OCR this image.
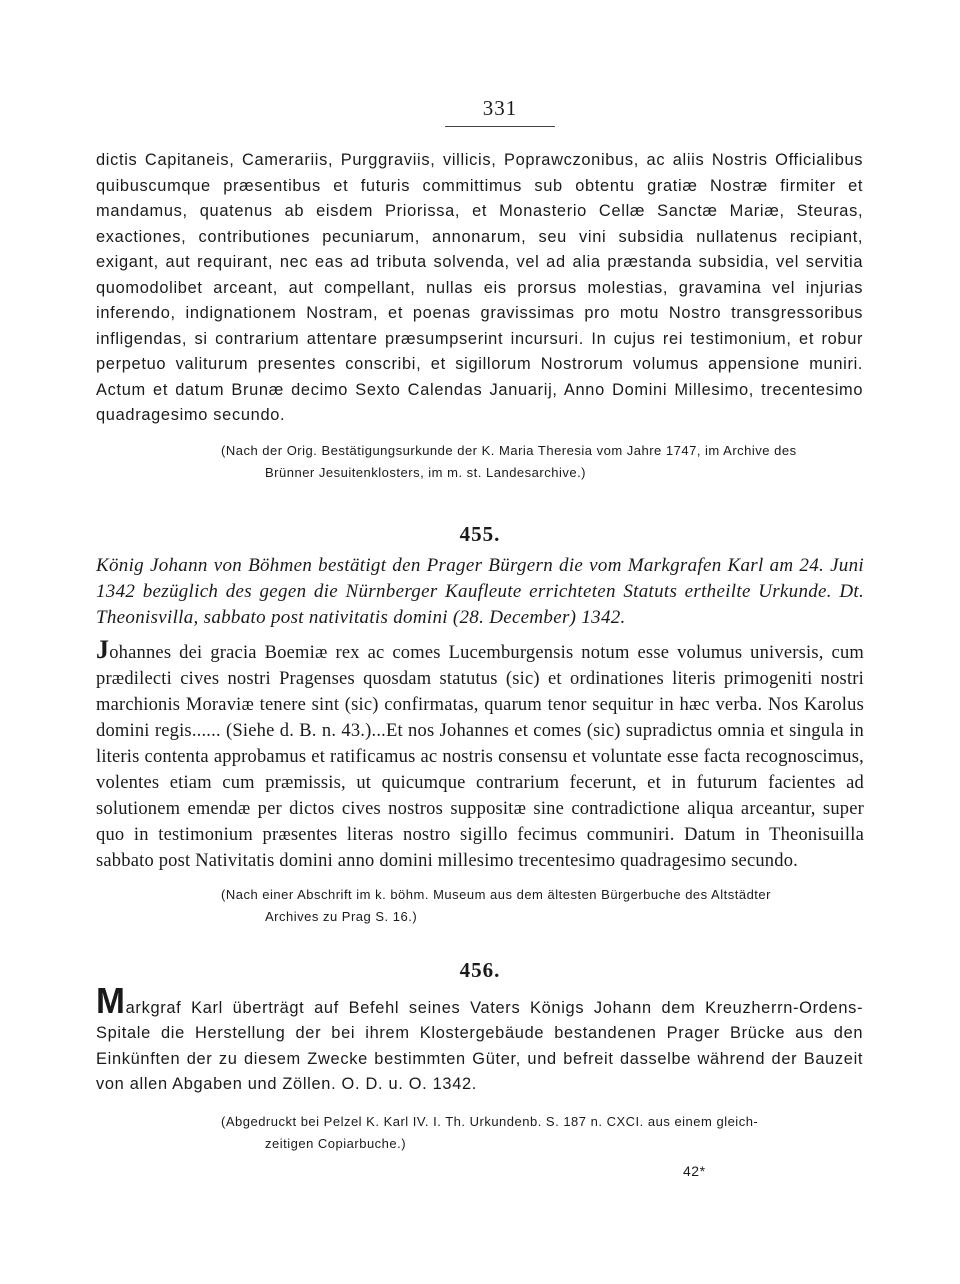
331

dictis Capitaneis, Camerariis, Purggraviis, villicis, Poprawczonibus, ac aliis Nostris Officialibus quibuscumque præsentibus et futuris committimus sub obtentu gratiæ Nostræ firmiter et mandamus, quatenus ab eisdem Priorissa, et Monasterio Cellæ Sanctæ Mariæ, Steuras, exactiones, contributiones pecuniarum, annonarum, seu vini subsidia nullatenus recipiant, exigant, aut requirant, nec eas ad tributa solvenda, vel ad alia præstanda subsidia, vel servitia quomodolibet arceant, aut compellant, nullas eis prorsus molestias, gravamina vel injurias inferendo, indignationem Nostram, et poenas gravissimas pro motu Nostro transgressoribus infligendas, si contrarium attentare præsumpserint incursuri. In cujus rei testimonium, et robur perpetuo valiturum presentes conscribi, et sigillorum Nostrorum volumus appensione muniri. Actum et datum Brunæ decimo Sexto Calendas Januarij, Anno Domini Millesimo, trecentesimo quadragesimo secundo.

(Nach der Orig. Bestätigungsurkunde der K. Maria Theresia vom Jahre 1747, im Archive des
Brünner Jesuitenklosters, im m. st. Landesarchive.)

455.

König Johann von Böhmen bestätigt den Prager Bürgern die vom Markgrafen Karl am 24. Juni 1342 bezüglich des gegen die Nürnberger Kaufleute errichteten Statuts ertheilte Urkunde. Dt. Theonisvilla, sabbato post nativitatis domini (28. December) 1342.

Johannes dei gracia Boemiæ rex ac comes Lucemburgensis notum esse volumus universis, cum prædilecti cives nostri Pragenses quosdam statutus (sic) et ordinationes literis primogeniti nostri marchionis Moraviæ tenere sint (sic) confirmatas, quarum tenor sequitur in hæc verba. Nos Karolus domini regis...... (Siehe d. B. n. 43.)...Et nos Johannes et comes (sic) supradictus omnia et singula in literis contenta approbamus et ratificamus ac nostris consensu et voluntate esse facta recognoscimus, volentes etiam cum præmissis, ut quicumque contrarium fecerunt, et in futurum facientes ad solutionem emendæ per dictos cives nostros suppositæ sine contradictione aliqua arceantur, super quo in testimonium præsentes literas nostro sigillo fecimus communiri. Datum in Theonisuilla sabbato post Nativitatis domini anno domini millesimo trecentesimo quadragesimo secundo.

(Nach einer Abschrift im k. böhm. Museum aus dem ältesten Bürgerbuche des Altstädter
Archives zu Prag S. 16.)

456.

Markgraf Karl überträgt auf Befehl seines Vaters Königs Johann dem Kreuzherrn-Ordens-Spitale die Herstellung der bei ihrem Klostergebäude bestandenen Prager Brücke aus den Einkünften der zu diesem Zwecke bestimmten Güter, und befreit dasselbe während der Bauzeit von allen Abgaben und Zöllen. O. D. u. O. 1342.

(Abgedruckt bei Pelzel K. Karl IV. I. Th. Urkundenb. S. 187 n. CXCI. aus einem gleich-
zeitigen Copiarbuche.)

42*
